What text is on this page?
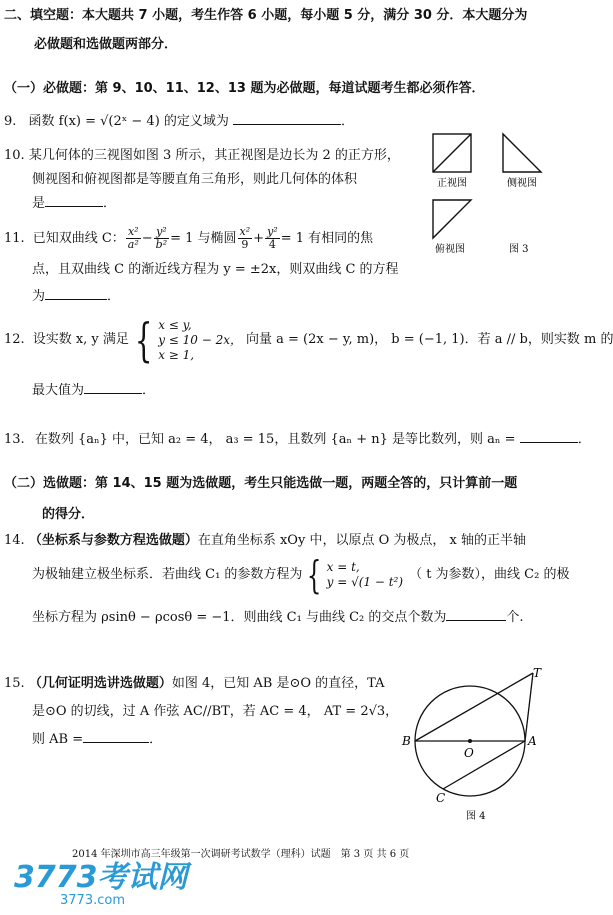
二、填空题：本大题共 7 小题，考生作答 6 小题，每小题 5 分，满分 30 分．本大题分为
必做题和选做题两部分．
（一）必做题：第 9、10、11、12、13 题为必做题，每道试题考生都必须作答．
9. 函数 f(x) = √(2ˣ − 4) 的定义域为	．
10. 某几何体的三视图如图 3 所示，其正视图是边长为 2 的正方形，
侧视图和俯视图都是等腰直角三角形，则此几何体的体积
是	．
正视图	侧视图
俯视图	图 3
11. 已知双曲线 C： $\frac{\text{x²}}{\text{a²}} - \frac{\text{y²}}{\text{b²}} = 1$ 与椭圆 $\frac{\text{x²}}{9} + \frac{\text{y²}}{4} = 1$ 有相同的焦
点，且双曲线 C 的渐近线方程为 y = ±2x，则双曲线 C 的方程
为	．
12. 设实数 x, y 满足 { x ≤ y,
y ≤ 10 − 2x，
x ≥ 1,
向量 a = (2x − y, m)， b = (−1, 1)．若 a // b，则实数 m 的
最大值为	．
13. 在数列 {aₙ} 中，已知 a₂ = 4， a₃ = 15，且数列 {aₙ + n} 是等比数列，则 aₙ =	．
（二）选做题：第 14、15 题为选做题，考生只能选做一题，两题全答的，只计算前一题
的得分．
14. （坐标系与参数方程选做题）在直角坐标系 xOy 中，以原点 O 为极点， x 轴的正半轴
为极轴建立极坐标系．若曲线 C₁ 的参数方程为 { x = t,
y = √(1 − t²) （ t 为参数），曲线 C₂ 的极
坐标方程为 ρsinθ − ρcosθ = −1．则曲线 C₁ 与曲线 C₂ 的交点个数为	个.
15. （几何证明选讲选做题）如图 4，已知 AB 是⊙O 的直径，TA
是⊙O 的切线，过 A 作弦 AC//BT，若 AC = 4， AT = 2√3，
则 AB =	．
T
B
O
A
C
图 4
2014 年深圳市高三年级第一次调研考试数学（理科）试题　第 3 页 共 6 页
3773考试网
3773.com
